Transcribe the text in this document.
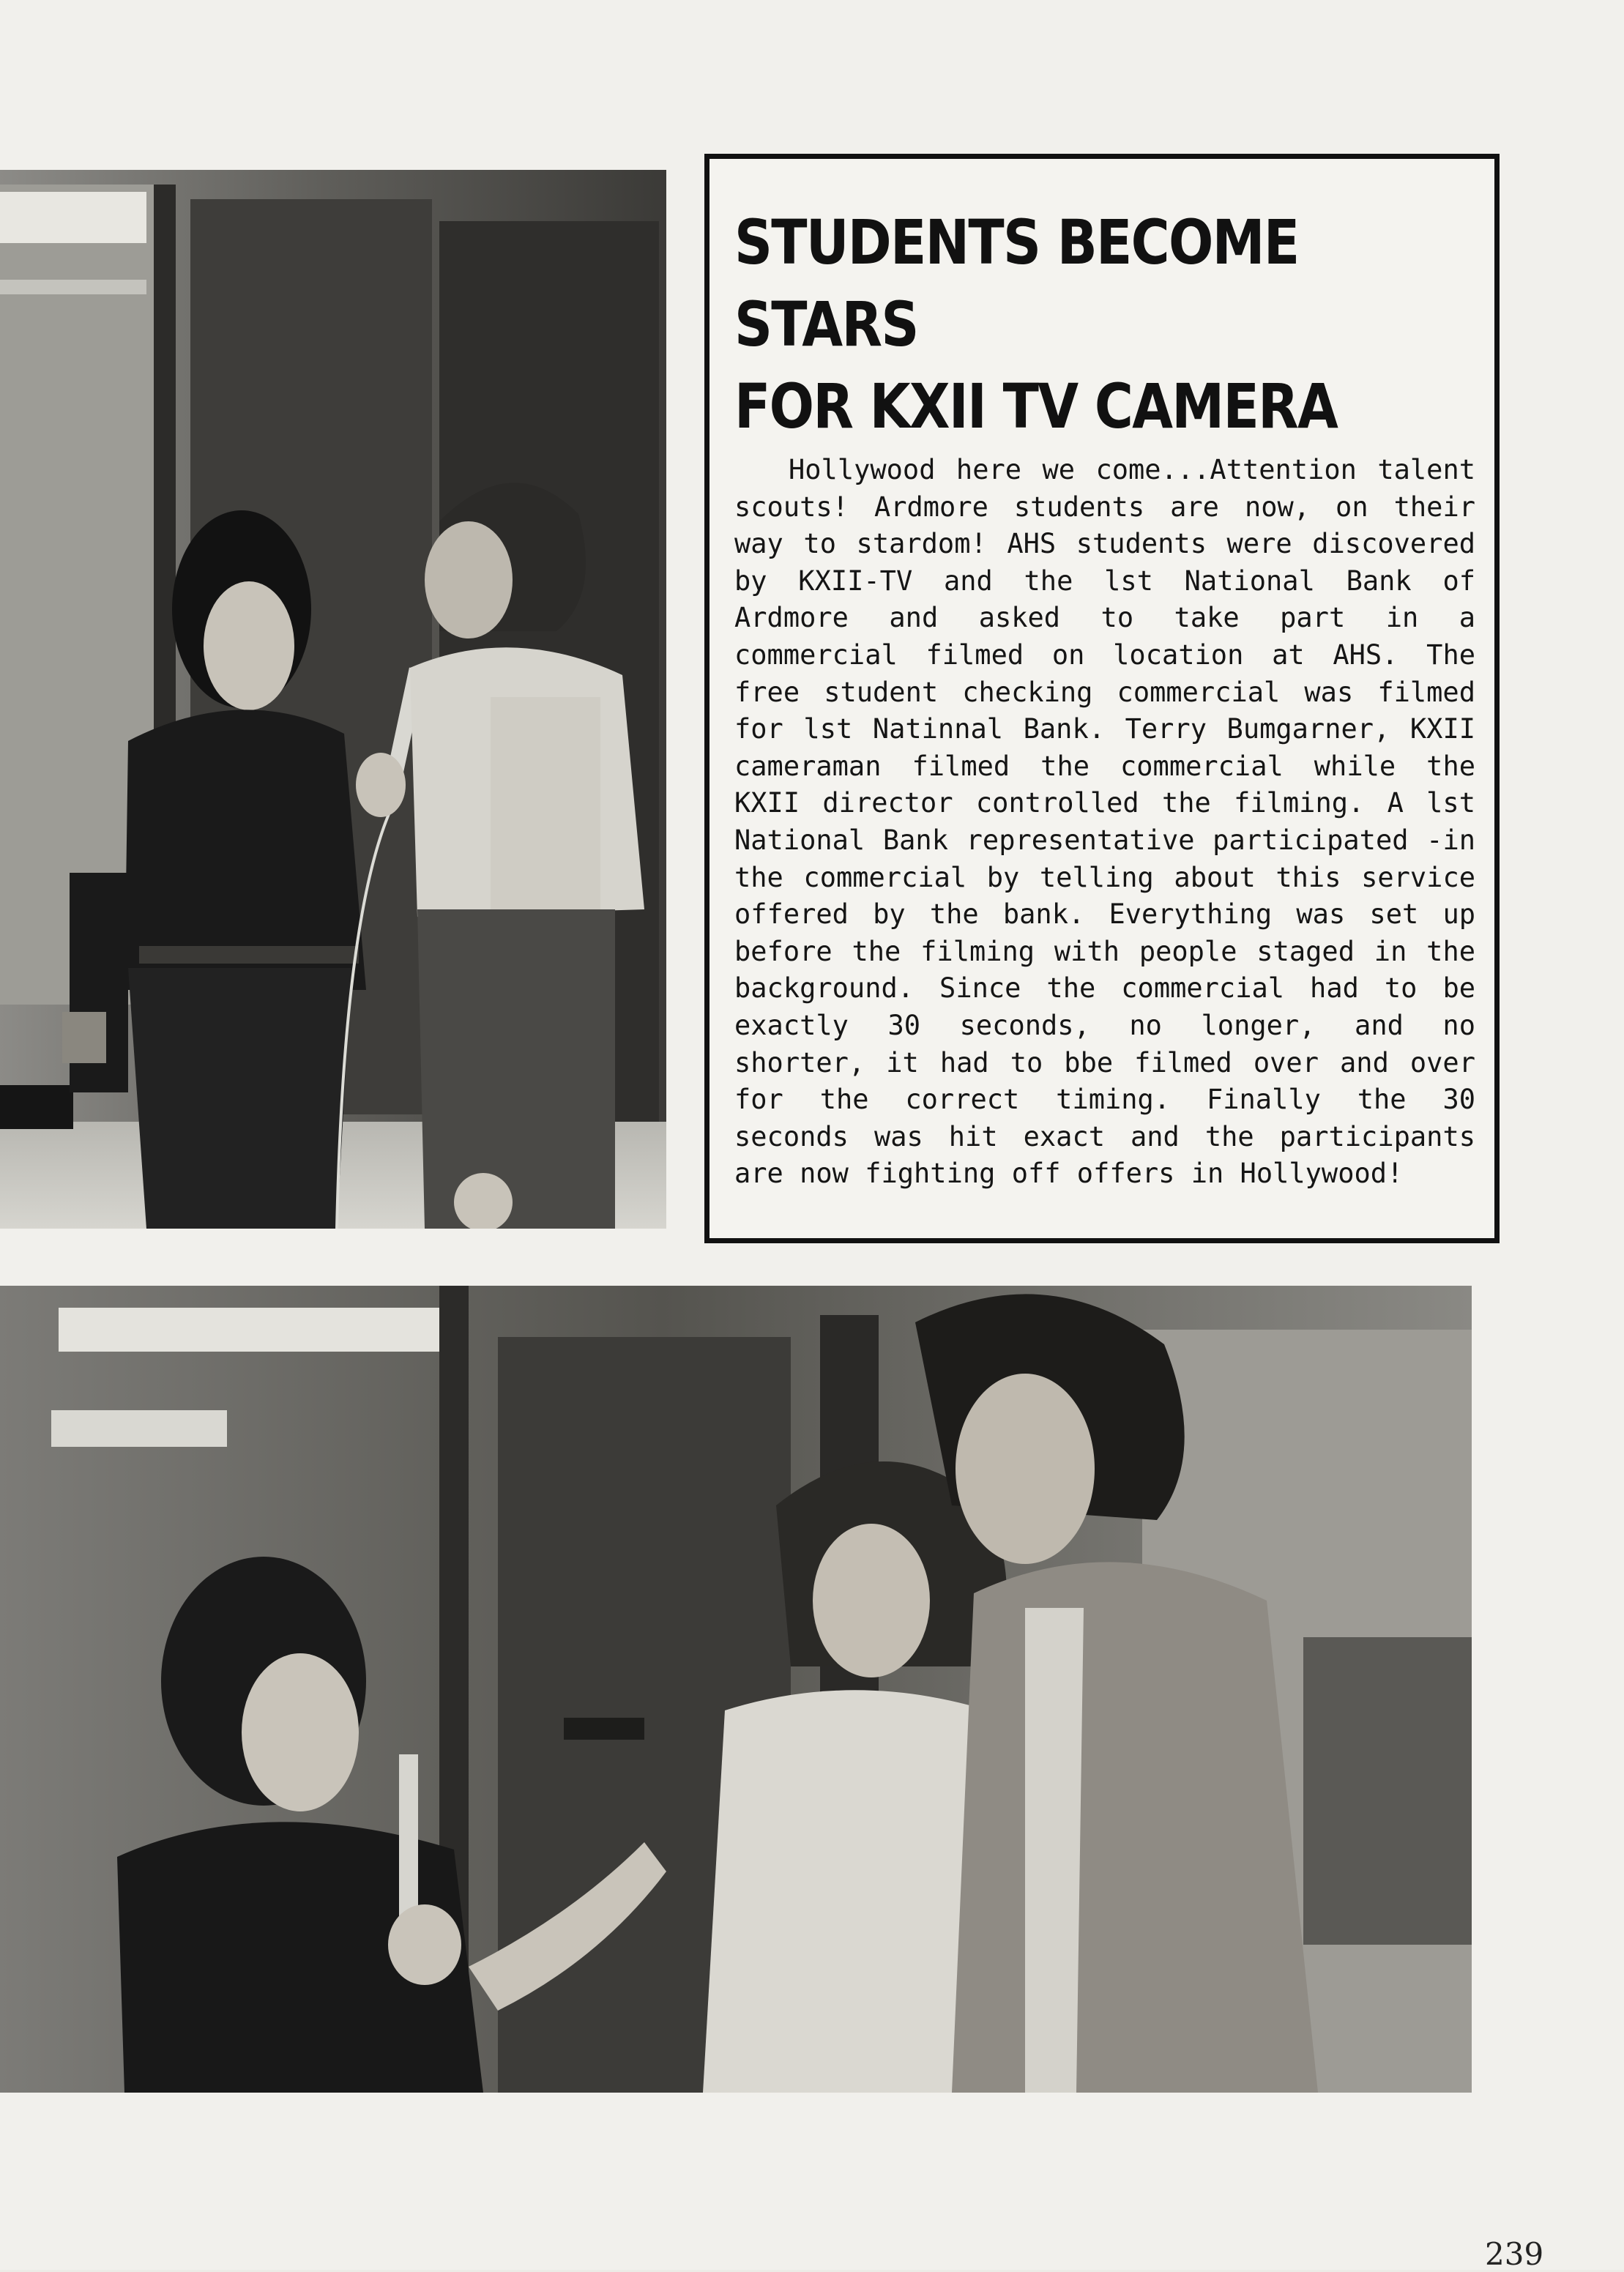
STUDENTS BECOME STARS
FOR KXII TV CAMERA

Hollywood here we come...Attention talent scouts! Ardmore students are now, on their way to stardom! AHS students were discovered by KXII-TV and the lst National Bank of Ardmore and asked to take part in a commercial filmed on location at AHS. The free student checking commercial was filmed for lst Natinnal Bank. Terry Bumgarner, KXII cameraman filmed the commercial while the KXII director controlled the filming. A lst National Bank representative participated -in the commercial by telling about this service offered by the bank. Everything was set up before the filming with people staged in the background. Since the commercial had to be exactly 30 seconds, no longer, and no shorter, it had to bbe filmed over and over for the correct timing. Finally the 30 seconds was hit exact and the participants are now fighting off offers in Hollywood!

239
